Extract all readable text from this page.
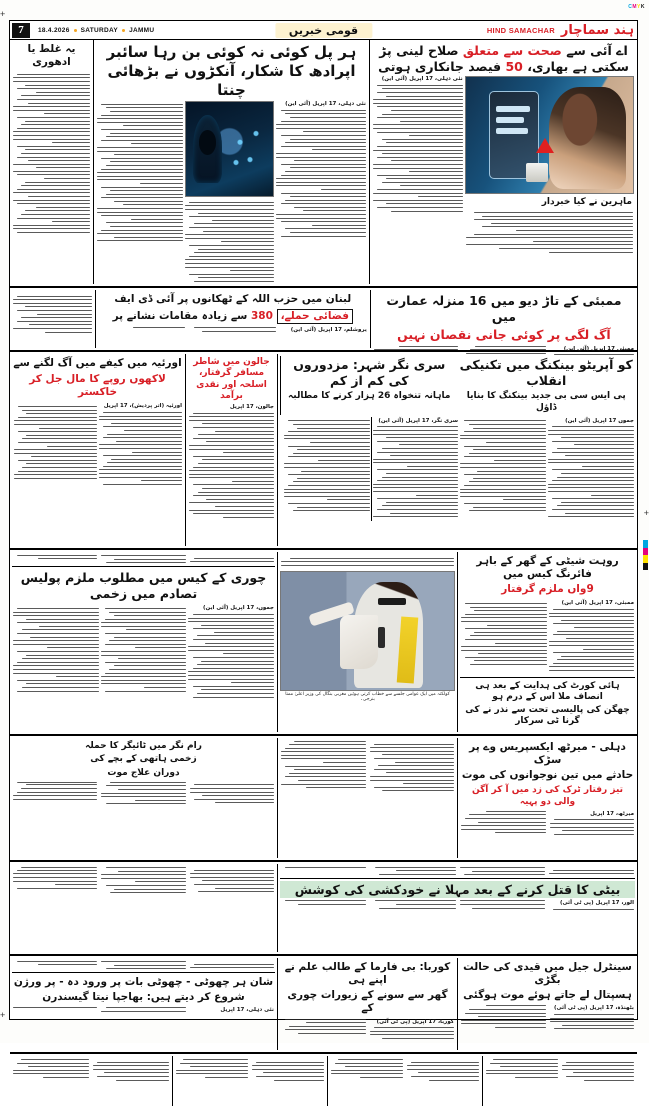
CMYK
+
+
+
7	18.4.2026 SATURDAY JAMMU	قومی خبریں	HIND SAMACHAR ہند سماچار
اے آئی سے صحت سے متعلق صلاح لینی پڑ سکتی ہے بھاری، 50 فیصد جانکاری ہوتی
ماہرین نے کیا خبردار
نئی دہلی، 17 اپریل (آئی این)
ہر پل کوئی نہ کوئی بن رہا سائبر اپرادھ کا شکار، آنکڑوں نے بڑھائی چنتا
نئی دہلی، 17 اپریل (آئی این)
یہ غلط یا ادھوری
ممبئی کے تاڑ دیو میں 16 منزلہ عمارت میں
آگ لگی پر کوئی جانی نقصان نہیں
ممبئی 17 اپریل (آئی این)
لبنان میں حزب اللہ کے ٹھکانوں پر آئی ڈی ایف
فضائی حملے، 380 سے زیادہ مقامات نشانے پر
یروشلم، 17 اپریل (آئی این)
کو آپریٹو بینکنگ میں تکنیکی انقلاب
پی ایس سی بی جدید بینکنگ کا بنایا ڈاؤل
سری نگر شہر: مزدوروں کی کم از کم
ماہانہ تنخواہ 26 ہزار کرنے کا مطالبہ
جموں 17 اپریل (آئی این)
سری نگر، 17 اپریل (آئی این)
جالون میں شاطر مسافر گرفتار، اسلحہ اور نقدی برآمد
جالون، 17 اپریل
اورئیہ میں کیفے میں آگ لگنے سے
لاکھوں روپے کا مال جل کر خاکستر
اورئیہ (اتر پردیش)، 17 اپریل
روہت شیٹی کے گھر کے باہر فائرنگ کیس میں
9واں ملزم گرفتار
ممبئی، 17 اپریل (آئی این)
ہائی کورٹ کی ہدایت کے بعد ہی انصاف ملا اس کے درم ہو
چھگن کی پالیسی تحت سے نذر نے کی گرنا ٹی سرکار
کولکتہ میں ایک عوامی جلسے سے خطاب کرتی ہوئیں مغربی بنگال کی وزیر اعلیٰ ممتا بنرجی۔
چوری کے کیس میں مطلوب ملزم پولیس تصادم میں زخمی
جموں، 17 اپریل (آئی این)
دہلی - میرٹھ ایکسپریس وے پر سڑک
حادثے میں تین نوجوانوں کی موت
تیز رفتار ٹرک کی زد میں آ کر آگن والی دو پہیہ
میرٹھ، 17 اپریل
رام نگر میں ٹائیگر کا حملہ
زخمی ہاتھی کے بچے کی
دوران علاج موت
بیٹی کا قتل کرنے کے بعد مہلا نے خودکشی کی کوشش
الور، 17 اپریل (پی ٹی آئی)
سینٹرل جیل میں قیدی کی حالت بگڑی
ہسپتال لے جاتے ہوئے موت ہوگئی
بٹھنڈہ، 17 اپریل (پی ٹی آئی)
کوربا: بی فارما کے طالب علم نے اپنے ہی
گھر سے سونے کے زیورات چوری کے
کوربا، 17 اپریل (پی ٹی آئی)
شان ہر چھوٹی - چھوٹی بات پر ورود دہ - پر ورژن
شروع کر دیتے ہیں: بھاجپا نیتا گیسندرن
نئی دہلی، 17 اپریل
